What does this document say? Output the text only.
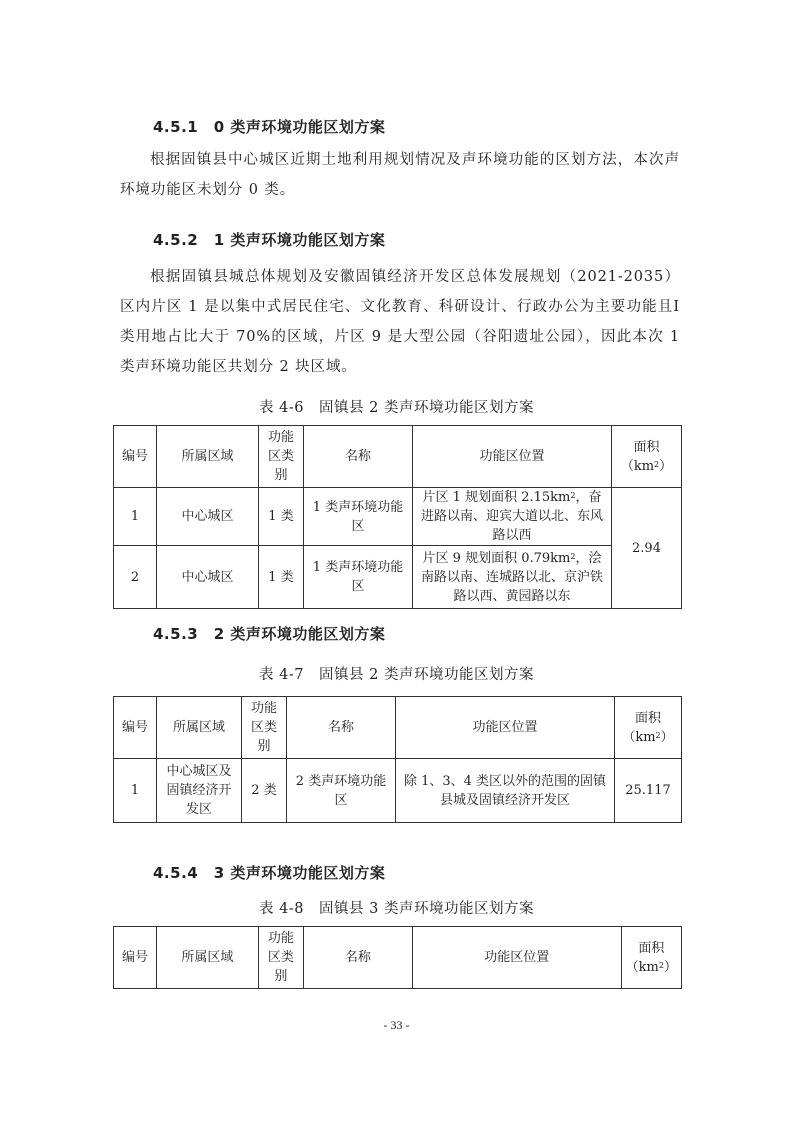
4.5.1　0 类声环境功能区划方案

根据固镇县中心城区近期土地利用规划情况及声环境功能的区划方法，本次声环境功能区未划分 0 类。

4.5.2　1 类声环境功能区划方案

根据固镇县城总体规划及安徽固镇经济开发区总体发展规划（2021-2035）区内片区 1 是以集中式居民住宅、文化教育、科研设计、行政办公为主要功能且Ⅰ类用地占比大于 70%的区域，片区 9 是大型公园（谷阳遗址公园），因此本次 1 类声环境功能区共划分 2 块区域。

表 4-6　固镇县 2 类声环境功能区划方案
编号	所属区域	功能区类别	名称	功能区位置	面积
$(km^2)$
1	中心城区	1 类	1 类声环境功能区	片区 1 规划面积 $2.15km^2$，奋进路以南、迎宾大道以北、东风路以西	2.94
2	中心城区	1 类	1 类声环境功能区	片区 9 规划面积 $0.79km^2$，浍南路以南、连城路以北、京沪铁路以西、黄园路以东	
4.5.3　2 类声环境功能区划方案
表 4-7　固镇县 2 类声环境功能区划方案
编号	所属区域	功能区类别	名称	功能区位置	面积
$(km^2)$
1	中心城区及固镇经济开发区	2 类	2 类声环境功能区	除 1、3、4 类区以外的范围的固镇县城及固镇经济开发区	25.117
4.5.4　3 类声环境功能区划方案
表 4-8　固镇县 3 类声环境功能区划方案
编号	所属区域	功能区类别	名称	功能区位置	面积
$(km^2)$
- 33 -
